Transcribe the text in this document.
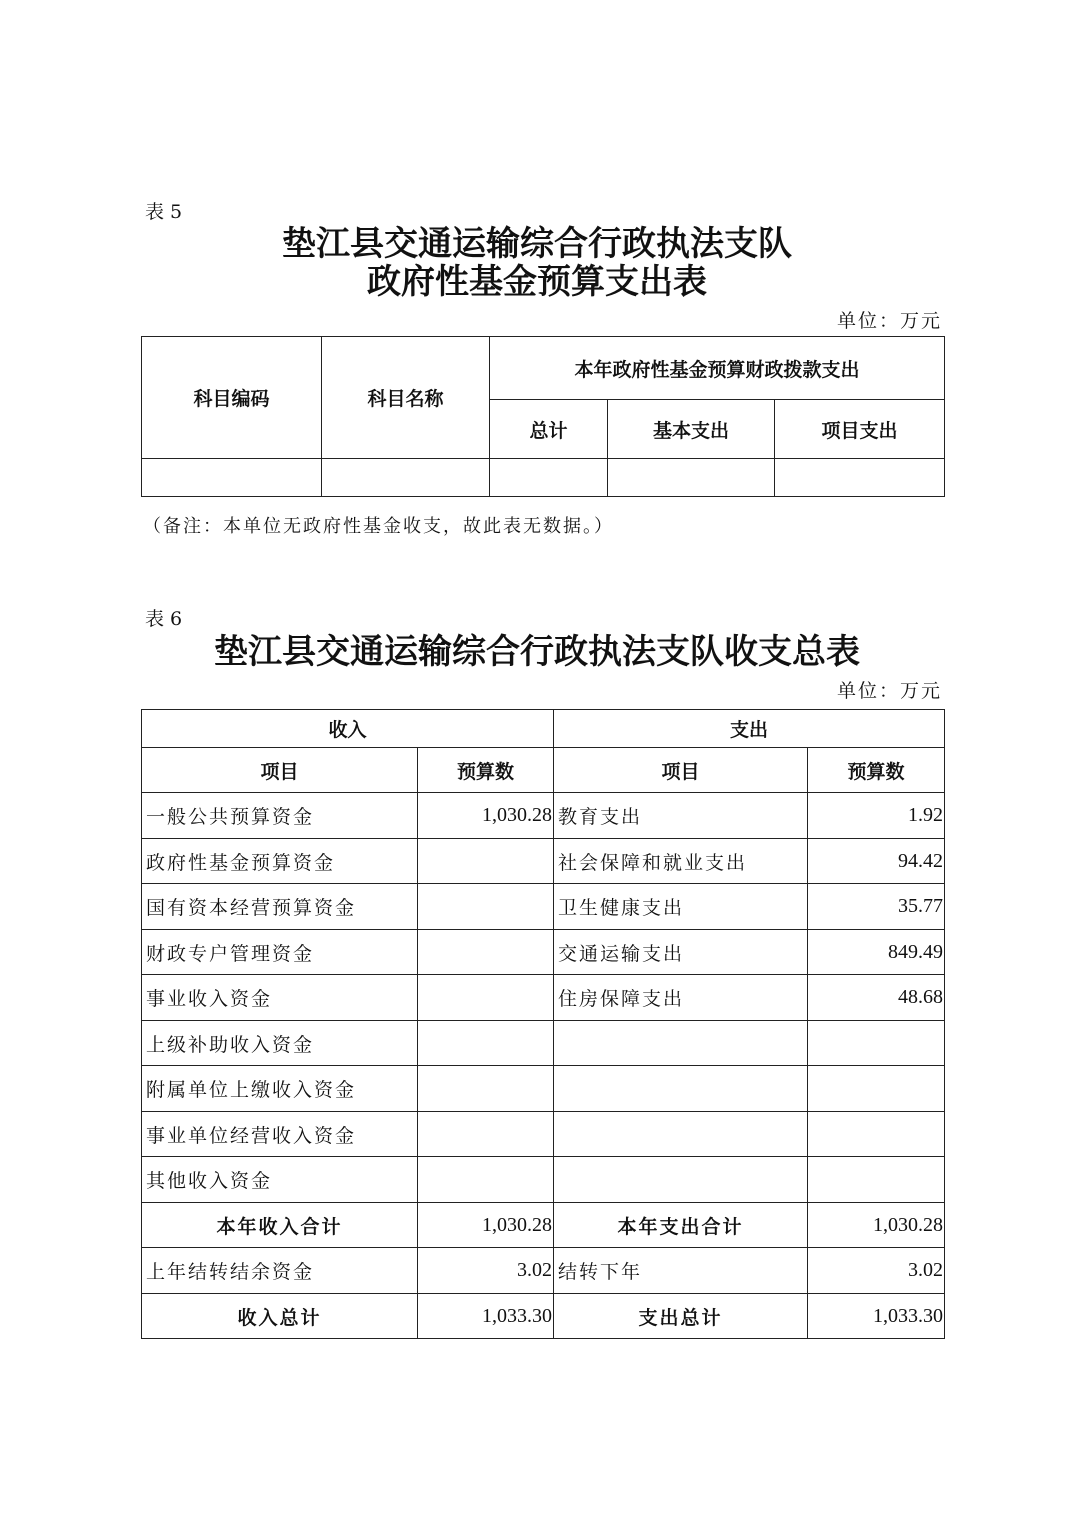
表 5
垫江县交通运输综合行政执法支队
政府性基金预算支出表
单位：万元
科目编码	科目名称	本年政府性基金预算财政拨款支出		
		总计	基本支出	项目支出

（备注：本单位无政府性基金收支，故此表无数据。）
表 6
垫江县交通运输综合行政执法支队收支总表
单位：万元
收入		支出	
项目	预算数	项目	预算数
一般公共预算资金	1,030.28	教育支出	1.92
政府性基金预算资金		社会保障和就业支出	94.42
国有资本经营预算资金		卫生健康支出	35.77
财政专户管理资金		交通运输支出	849.49
事业收入资金		住房保障支出	48.68
上级补助收入资金			
附属单位上缴收入资金			
事业单位经营收入资金			
其他收入资金			
本年收入合计	1,030.28	本年支出合计	1,030.28
上年结转结余资金	3.02	结转下年	3.02
收入总计	1,033.30	支出总计	1,033.30
